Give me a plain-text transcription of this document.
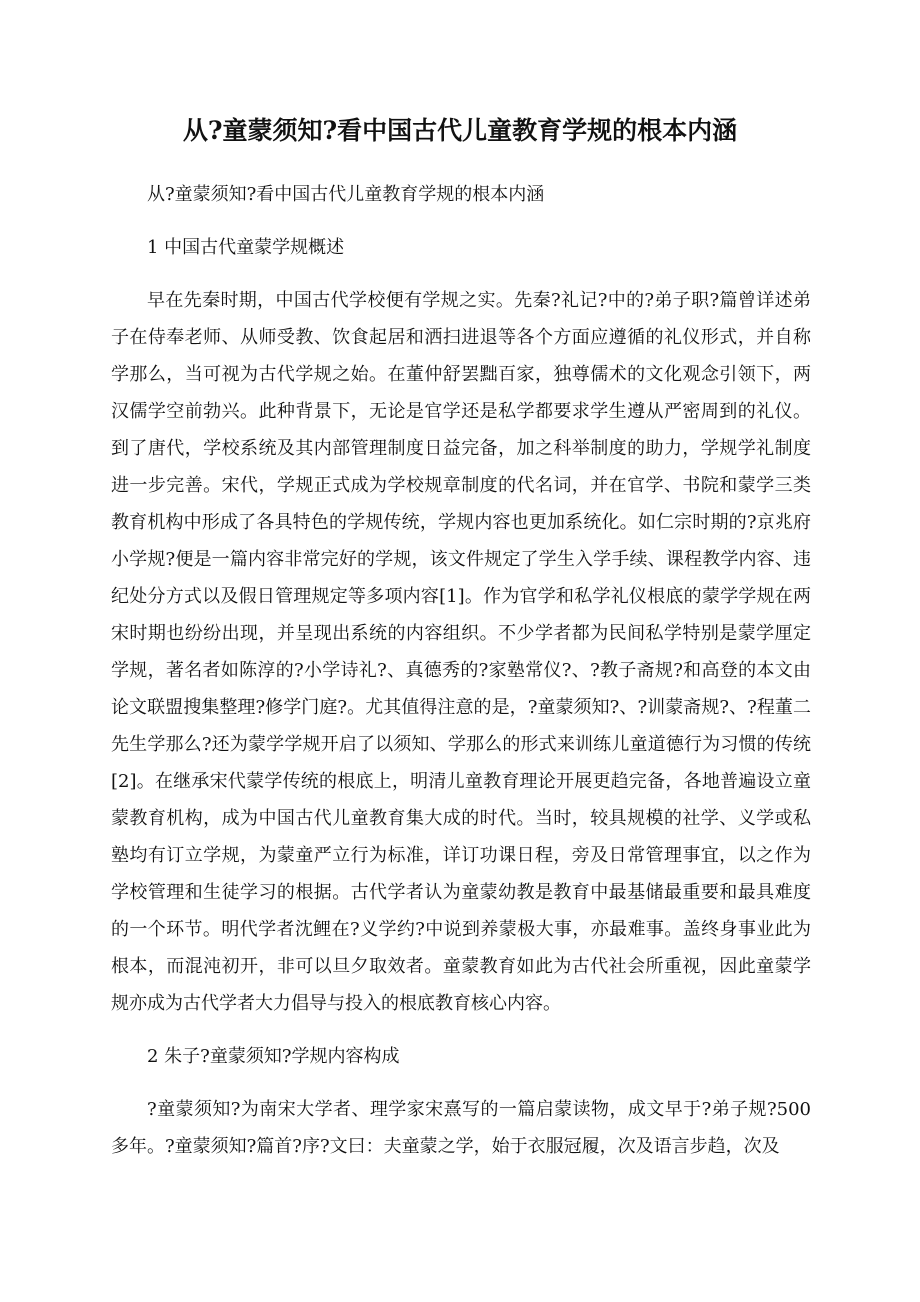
从?童蒙须知?看中国古代儿童教育学规的根本内涵

从?童蒙须知?看中国古代儿童教育学规的根本内涵

1 中国古代童蒙学规概述

早在先秦时期，中国古代学校便有学规之实。先秦?礼记?中的?弟子职?篇曾详述弟子在侍奉老师、从师受教、饮食起居和洒扫进退等各个方面应遵循的礼仪形式，并自称学那么，当可视为古代学规之始。在董仲舒罢黜百家，独尊儒术的文化观念引领下，两汉儒学空前勃兴。此种背景下，无论是官学还是私学都要求学生遵从严密周到的礼仪。到了唐代，学校系统及其内部管理制度日益完备，加之科举制度的助力，学规学礼制度进一步完善。宋代，学规正式成为学校规章制度的代名词，并在官学、书院和蒙学三类教育机构中形成了各具特色的学规传统，学规内容也更加系统化。如仁宗时期的?京兆府小学规?便是一篇内容非常完好的学规，该文件规定了学生入学手续、课程教学内容、违纪处分方式以及假日管理规定等多项内容[1]。作为官学和私学礼仪根底的蒙学学规在两宋时期也纷纷出现，并呈现出系统的内容组织。不少学者都为民间私学特别是蒙学厘定学规，著名者如陈淳的?小学诗礼?、真德秀的?家塾常仪?、?教子斋规?和高登的本文由论文联盟搜集整理?修学门庭?。尤其值得注意的是，?童蒙须知?、?训蒙斋规?、?程董二先生学那么?还为蒙学学规开启了以须知、学那么的形式来训练儿童道德行为习惯的传统[2]。在继承宋代蒙学传统的根底上，明清儿童教育理论开展更趋完备，各地普遍设立童蒙教育机构，成为中国古代儿童教育集大成的时代。当时，较具规模的社学、义学或私塾均有订立学规，为蒙童严立行为标准，详订功课日程，旁及日常管理事宜，以之作为学校管理和生徒学习的根据。古代学者认为童蒙幼教是教育中最基储最重要和最具难度的一个环节。明代学者沈鲤在?义学约?中说到养蒙极大事，亦最难事。盖终身事业此为根本，而混沌初开，非可以旦夕取效者。童蒙教育如此为古代社会所重视，因此童蒙学规亦成为古代学者大力倡导与投入的根底教育核心内容。

2 朱子?童蒙须知?学规内容构成

?童蒙须知?为南宋大学者、理学家宋熹写的一篇启蒙读物，成文早于?弟子规?500多年。?童蒙须知?篇首?序?文曰：夫童蒙之学，始于衣服冠履，次及语言步趋，次及
